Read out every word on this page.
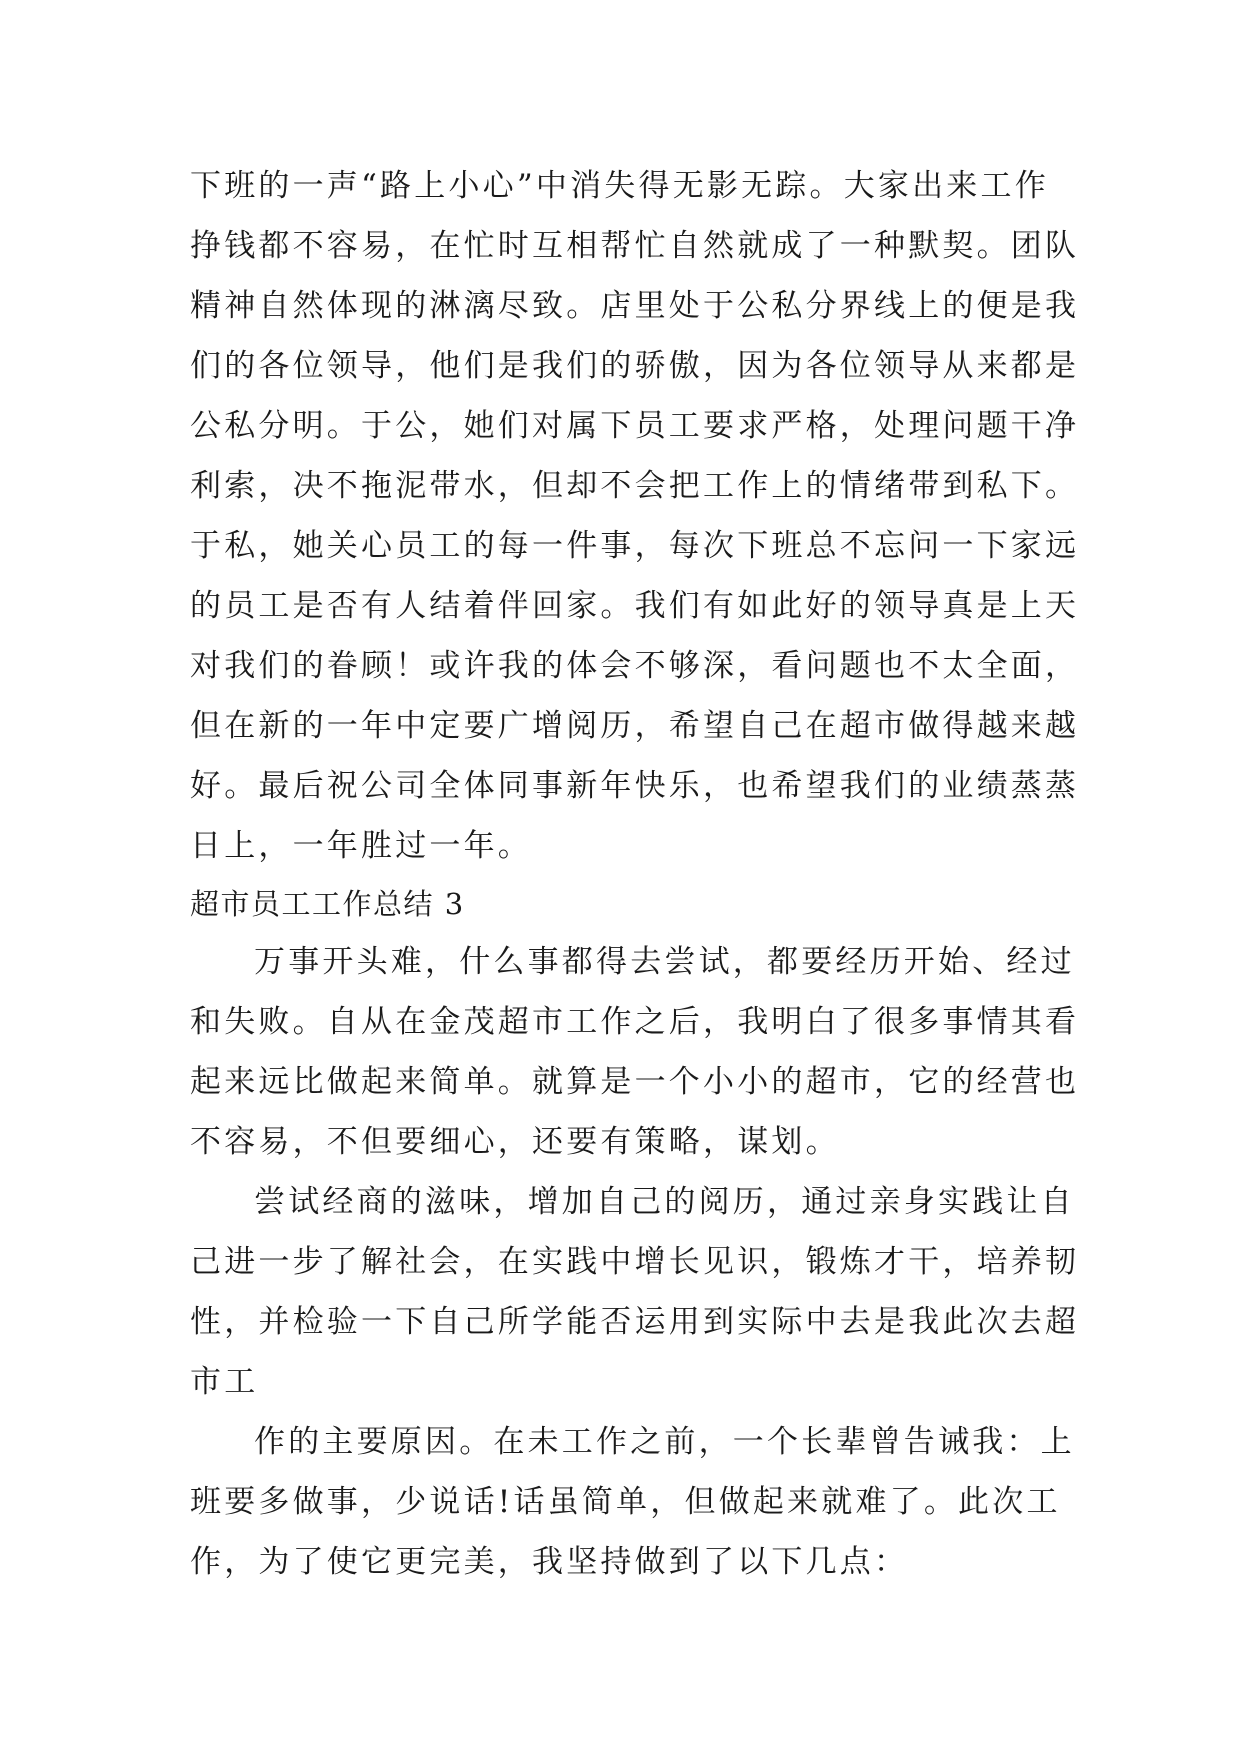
下班的一声“路上小心”中消失得无影无踪。大家出来工作
挣钱都不容易，在忙时互相帮忙自然就成了一种默契。团队
精神自然体现的淋漓尽致。店里处于公私分界线上的便是我
们的各位领导，他们是我们的骄傲，因为各位领导从来都是
公私分明。于公，她们对属下员工要求严格，处理问题干净
利索，决不拖泥带水，但却不会把工作上的情绪带到私下。
于私，她关心员工的每一件事，每次下班总不忘问一下家远
的员工是否有人结着伴回家。我们有如此好的领导真是上天
对我们的眷顾！或许我的体会不够深，看问题也不太全面，
但在新的一年中定要广增阅历，希望自己在超市做得越来越
好。最后祝公司全体同事新年快乐，也希望我们的业绩蒸蒸
日上，一年胜过一年。
超市员工工作总结 3
万事开头难，什么事都得去尝试，都要经历开始、经过
和失败。自从在金茂超市工作之后，我明白了很多事情其看
起来远比做起来简单。就算是一个小小的超市，它的经营也
不容易，不但要细心，还要有策略，谋划。
尝试经商的滋味，增加自己的阅历，通过亲身实践让自
己进一步了解社会，在实践中增长见识，锻炼才干，培养韧
性，并检验一下自己所学能否运用到实际中去是我此次去超
市工
作的主要原因。在未工作之前，一个长辈曾告诫我：上
班要多做事，少说话!话虽简单，但做起来就难了。此次工
作，为了使它更完美，我坚持做到了以下几点：
